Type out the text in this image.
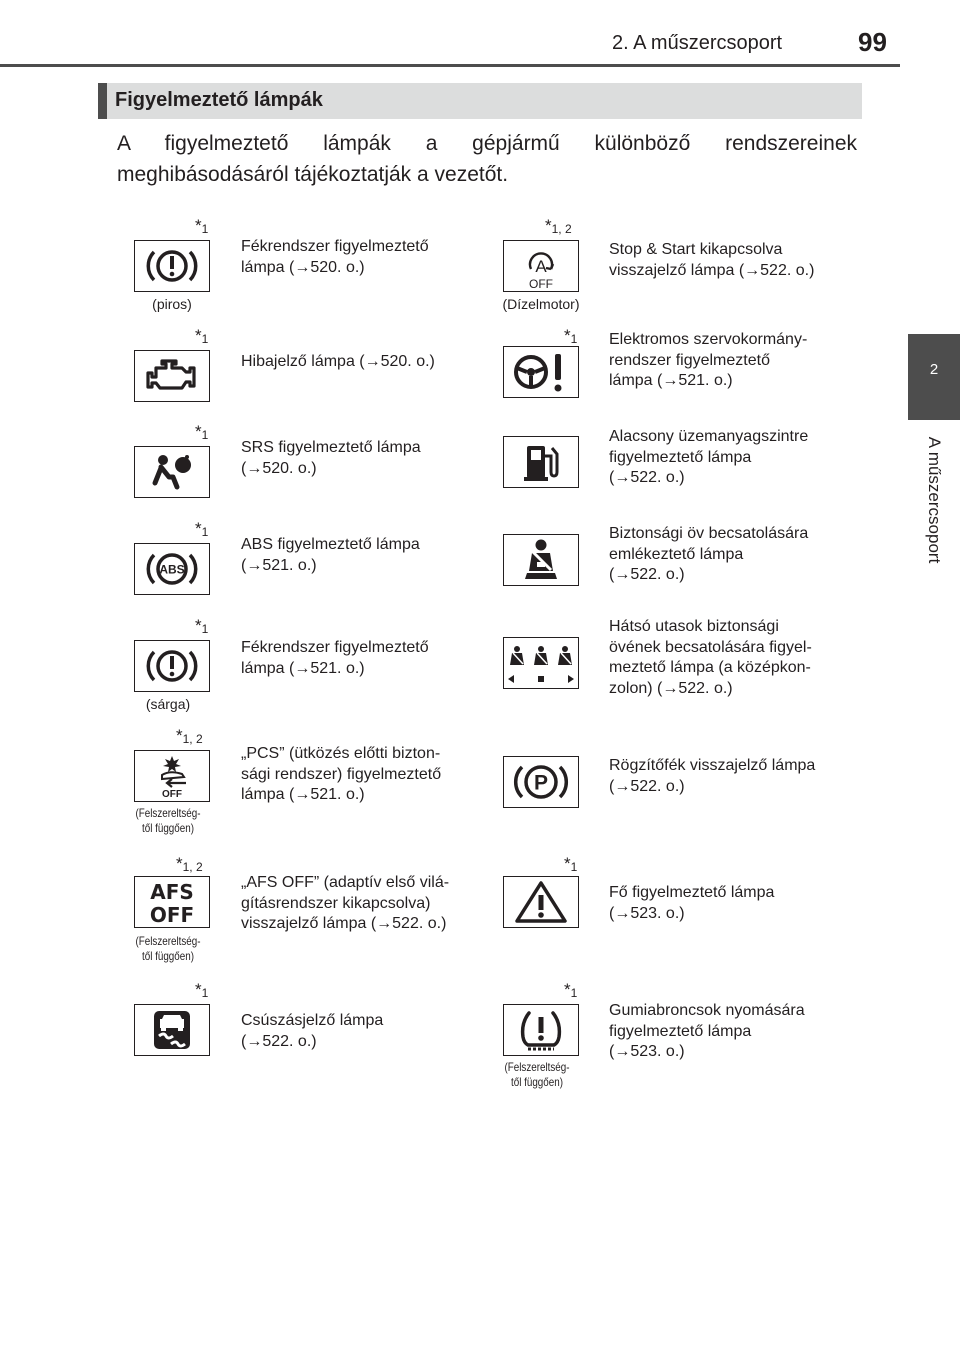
2. A műszercsoport	99
2
A műszercsoport
Figyelmeztető lámpák
A figyelmeztető lámpák a gépjármű különböző rendszereinek meghibásodásáról tájékoztatják a vezetőt.
$*_1$
(piros)
Fékrendszer figyelmeztető
lámpa (→520. o.)
$*_1$
Hibajelző lámpa (→520. o.)
$*_1$
SRS figyelmeztető lámpa
(→520. o.)
$*_1$
ABS
ABS figyelmeztető lámpa
(→521. o.)
$*_1$
(sárga)
Fékrendszer figyelmeztető
lámpa (→521. o.)
$*_{1, 2}$
OFF
(Felszereltség-
től függően)
„PCS” (ütközés előtti bizton-
sági rendszer) figyelmeztető
lámpa (→521. o.)
$*_{1, 2}$
AFS
OFF
(Felszereltség-
től függően)
„AFS OFF” (adaptív első vilá-
gításrendszer kikapcsolva)
visszajelző lámpa (→522. o.)
$*_1$
Csúszásjelző lámpa
(→522. o.)
$*_{1, 2}$
A
OFF
(Dízelmotor)
Stop & Start kikapcsolva
visszajelző lámpa (→522. o.)
$*_1$ Elektromos szervokormány-
rendszer figyelmeztető
lámpa (→521. o.)
Alacsony üzemanyagszintre
figyelmeztető lámpa
(→522. o.)
Biztonsági öv becsatolására
emlékeztető lámpa
(→522. o.)
Hátsó utasok biztonsági
övének becsatolására figyel-
meztető lámpa (a középkon-
zolon) (→522. o.)
P
Rögzítőfék visszajelző lámpa
(→522. o.)
$*_1$
Fő figyelmeztető lámpa
(→523. o.)
$*_1$
(Felszereltség-
től függően)
Gumiabroncsok nyomására
figyelmeztető lámpa
(→523. o.)
